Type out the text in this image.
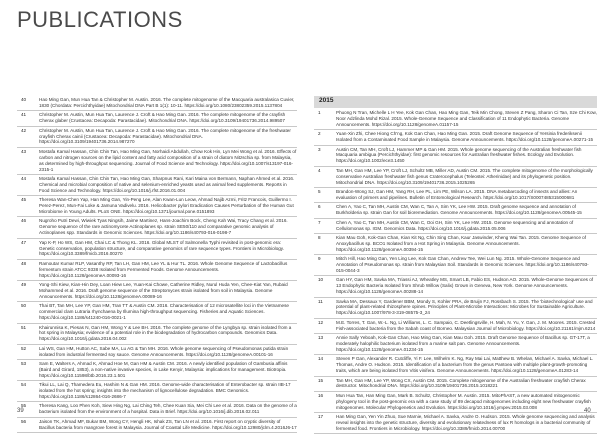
PUBLICATIONS
40	Hao Ming Gan, Mun Hua Tan & Christopher M. Austin. 2016. The complete mitogenome of the Macquaria australasica Cuvier, 1830 (Chordata: Percichthyidae) Mitochondrial DNA Part B 1(1): 10-11. https://doi.org/10.1080/23802359.2015.1137804
41	Christopher M. Austin, Mun Hua Tan, Laurence J. Croft & Hao Ming Gan. 2016. The complete mitogenome of the crayfish Cherax glaber (Crustacea: Decapoda: Parastacidae). Mitochondrial DNA. https://doi.org/10.3109/19401736.2014.989507
42	Christopher M. Austin, Mun Hua Tan, Laurence J. Croft & Hao Ming Gan. 2016. The complete mitogenome of the freshwater crayfish Cherax cainii (Crustacea: Decapoda: Parastacidae). Mitochondrial DNA. https://doi.org/10.3109/19401736.2014.987270
43	Mostafa Kamal Hassan, Chin Chin Tan, Hao Ming Gan, Norhaidi Abdullah, Chow Kok Hin, Lyn Mei Wong et al. 2016. Effects of carbon and nitrogen sources on the lipid content and fatty acid composition of a strain of diatom Nitzschia sp. from Malaysia, as determined by high-throughput sequencing. Journal of Food Science and Technology. https://doi.org/10.1007/s13197-016-2315-1
44	Mostafa Kamal Hassan, Chin Chin Tan, Hao Ming Gan, Sharpnus Rani, Kari Maina von Bermann, Naphan Ahmed et al. 2016. Chemical and microbial composition of native and selenium-enriched yeasts used as animal feed supplements. Reports in Food Science and Technology. https://doi.org/10.1016/j.rfst.2016.01.004
45	Theresa Wan-Chen Yap, Han Ming Gan, Yin-Peng Lee, Alan Kwan-Lun Leow, Ahmad Najib Azmi, Fritz Francois, Guillermo I. Perez-Perez, Mun-Fai Loke & Jamuna Vadivelu. 2016. Helicobacter pylori Eradication Causes Perturbation of the Human Gut Microbiome in Young Adults. PLoS ONE. https://doi.org/10.1371/journal.pone.0151893
46	Nugroho Putri Dewi, Wiwiek Tyas Ningsih, Jaime Martinez, Hans-Joachim Bock, Cheng Kah Wai, Tracy Chang et al. 2016. Genome sequence of the rare actinomycete Actinoplanes sp. strain SE50/110 and comparative genomic analysis of Actinoplanes spp. Standards in Genomic Sciences. https://doi.org/10.1186/s40793-016-0198-7
47	Yap K-P, Ho WS, Gan HM, Chai LC & Thong KL. 2016. Global MLST of Salmonella Typhi revisited in post-genomic era: Genetic conservation, population structure, and comparative genomics of rare sequence types. Frontiers in Microbiology. https://doi.org/10.3389/fmicb.2016.00270
48	Ramoutar Kumar RLP, Vasanthy RP, Tan LH, Gan HM, Lee YL & Hur TL. 2016. Whole Genome Sequence of Lactobacillus fermentum strain ATCC 9338 Isolated from Fermented Foods. Genome Announcements. https://doi.org/10.1128/genomeA.00093-16
49	Yong-Shi Kiew, Kian-Hin Dey, Loan Hiew Lee, Yuan-Kai Chowe, Catherine Ridley, Nurul Huda Yen, Chee-Kiat Yan, Rubaid Mohammed et al. 2016. Draft genome sequence of the Streptomyces strain isolated from soil in Malaysia. Genome Announcements. https://doi.org/10.1128/genomeA.00089-16
50	Thai BT, Tan MH, Lee YP, Gan HM, Tran TT & Austin CM. 2016. Characterisation of 12 microsatellite loci in the Vietnamese commercial clam Lutraria rhynchaena by Illumina high-throughput sequencing. Fisheries and Aquatic Sciences. https://doi.org/10.1186/s41240-016-0021-1
51	Khairunnisa K, Piesas N, Gan HM, Wong Y & Lee BH. 2016. The complete genome of the Lyngbya sp. strain isolated from a hot spring in Malaysia; evidence of a potential role in the biodegradation of hydrocarbon compounds. Genomics Data. https://doi.org/10.1016/j.gdata.2016.04.002
52	Lai WS, Gan HM, Hutton AC, Sabe MA, Lu AG & Tan MH. 2016. Whole genome sequencing of Pseudomonas putida strain isolated from industrial fermented soy sauce. Genome Announcements. https://doi.org/10.1128/genomeA.00101-16
53	Sam E, Walters A, Ahmad K, Ahmad Hoe M, Gan HM & Austin CM. 2016. A newly identified population of Gambusia affinis (Baird and Girard, 1853), a non-native invasive species, in Lake Kenyir, Malaysia: implications for management. Biotropia. https://doi.org/10.11598/btb.2016.23.1.501
54	Tikui LL, Lai Q, Thamedera Eu, Hashim N & Gan HM. 2016. Genome-wide characterisation of Enterobacter sp. strain IIB-17 isolated from the hot spring; insights into the mechanism of lignocellulose degradation. BMC Genomics. https://doi.org/10.1186/s12864-016-2686-7
55	Theresa Kang, Loo Phen Koh, Siew Hing Ng, Lai Ching Teh, Chee Kuan Sia, Mei Chi Lee et al. 2016. Data on the genome of a bacterium isolated from the environment of a hospital. Data in Brief. https://doi.org/10.1016/j.dib.2016.02.011
56	Jaison TK, Ahmad MF, Bukar BM, Wong CY, Hengli HK, Ishak ZS, Tan LN et al. 2016. First report on cryptic diversity of Bacillus bacteria from mangrove forest in Malaysia. Journal of Coastal Life Medicine. https://doi.org/10.12980/jclm.4.2016J6-17
2015
1	Phuong N Tran, Michelle L H Yee, Kok Gan Chan, Hao Ming Gan, Teik Min Chong, Steven Z Pang, Sharon Ci Tan, Sze Chi Kow, Noor Adzlinda Mohd Rizal. 2015. Whole-Genome Sequence and Classification of 11 Endophytic Bacteria. Genome Announcements. https://doi.org/10.1128/genomeA.01157-15
2	Yuan-Xin Zhi, Chee Hiong Ch'ng, Kok Gan Chan, Hao Ming Gan. 2015. Draft Genome Sequence of Yersinia frederiksenii Isolated from a Contaminated Food Sample in Malaysia. Genome Announcements. https://doi.org/10.1128/genomeA.00271-15
3	Austin CM, Tan MH, Croft LJ, Hammer MP & Gan HM. 2015. Whole genome sequencing of the Australian freshwater fish Macquaria ambigua (Percichthyidae): first genomic resources for Australian freshwater fishes. Ecology and Evolution. https://doi.org/10.1002/ece3.1450
4	Tan MH, Gan HM, Lee YP, Croft LJ, Schultz MB, Miller AD, Austin CM. 2015. The complete mitogenome of the morphologically conservative Australian freshwater fish genus Craterocephalus (Teleostei: Atherinidae) and its phylogenetic position. Mitochondrial DNA. https://doi.org/10.3109/19401736.2015.1025265
5	Brandon-Wong SJ, Gan HM, Yang RH, Lee PL, Lim PE, Wilson LA. 2015. DNA metabarcoding of insects and allies: An evaluation of primers and pipelines. Bulletin of Entomological Research. https://doi.org/10.1017/S0007485315000681
6	Chen A, Yao C, Tan MH, Austin CM, Wan C, Tan A, Sim YK, Lee HW. 2015. Draft genome sequence and annotation of Burkholderia sp. strain Gan for soil bioremediation. Genome Announcements. https://doi.org/10.1128/genomeA.00545-15
7	Chen A, Yao C, Tan MH, Austin CM, Wan C, Ooi GH, Sim YK, Lee HW. 2015. Genome sequencing and annotation of Cellulomonas sp. IGM. Genomics Data. https://doi.org/10.1016/j.gdata.2015.05.006
8	Kian Mau Goh, Kok-Gan Chan, Kian Kit Ng, Chin Sing Chan, Kaur Jaswinder, Kheng Wai Tan. 2015. Genome Sequence of Anoxybacillus sp. BCO1 Isolated from a Hot Spring in Malaysia. Genome Announcements. https://doi.org/10.1128/genomeA.00394-15
9	Mitch Hill, Hao Ming Gan, Yen Ling Lee, Kok Gan Chan, Andrew Tee, Wei Lun Ng. 2015. Whole-Genome Sequence and Annotation of Pseudomonas sp. strain from Malaysian Soil. Standards in Genomic Sciences. https://doi.org/10.1186/s40793-015-0044-3
10	Gan HY, Gan HM, Savka MA, Triassi AJ, Wheatley MS, Smart LB, Fabio ES, Hudson AO. 2015. Whole-Genome Sequences of 13 Endophytic Bacteria Isolated from Shrub Willow (Salix) Grown in Geneva, New York. Genome Announcements. https://doi.org/10.1128/genomeA.00288-14
11	Savka MA, Dessaux Y, Gardener BBM, Mondy S, Kohler PRA, de Bruijn FJ, Rossbach S. 2015. The 'biotechnological' use and potential of plant-related rhizosphere opines. Principles of Plant-Microbe Interactions: Microbes for Sustainable Agriculture. https://doi.org/10.1007/978-3-319-08575-3_24
12	M.E. Torres, T. Gan, W.-L. Ng, Li Williams, L. C. Sampaio, C. Deetlingsville, H. Mah, N. Yu, Y. Gan, J. M. Moores. 2015. Crested Fish-associated bacteria from the Sabah coast of Borneo. Malaysian Journal of Microbiology. https://doi.org/10.21161/mjm.6214
13	Annie Sally Yeboah, Kok-Gan Chan, Hao Ming Gan, Kian Mau Goh. 2015. Draft Genome Sequence of Bacillus sp. GT-17T, a moderately halophilic bacterium isolated from a marine salt pan. Genome Announcements. https://doi.org/10.1128/genomeA.01234-15
14	Steven P Gan, Alexander R. Cutcliffe, Yi F. Lee, Wilhelm K. Ng, Ray Mai Lai, Matthew B. Whelan, Michael A. Savka, Michael L. Thomas, Andre O. Hudson. 2015. Identification of a bacterium from the genus Pantoea with multiple plant-growth-promoting traits, which are being isolated from Vitis vinifera. Genome Announcements. https://doi.org/10.1128/genomeA.01283-14
15	Tan MH, Gan HM, Lee YP, Wong CX, Austin CM. 2015. Complete mitogenome of the Australian freshwater crayfish Cherax destructor. Mitochondrial DNA. https://doi.org/10.3109/19401736.2015.1018221
16	Mun Hua Tan, Han Ming Gan, Mark B. Schultz, Christopher M. Austin. 2015. MitoPhAST, a new automated mitogenomic phylogeny tool in the post-genomic era with a case study of 89 decapod mitogenomes including eight new freshwater crayfish mitogenomes. Molecular Phylogenetics and Evolution. https://doi.org/10.1016/j.ympev.2015.03.008
17	Han Ming Gan, Yen Yin Zhuo, Sue Marnie, Michael A. Savka, Andre O. Hudson. 2015. Whole genome sequencing and analysis reveal insights into the genetic structure, diversity and evolutionary relatedness of lux R homologs in a bacterial community of fermented food. Frontiers in Microbiology. https://doi.org/10.3389/fmicb.2014.00700
39	40
